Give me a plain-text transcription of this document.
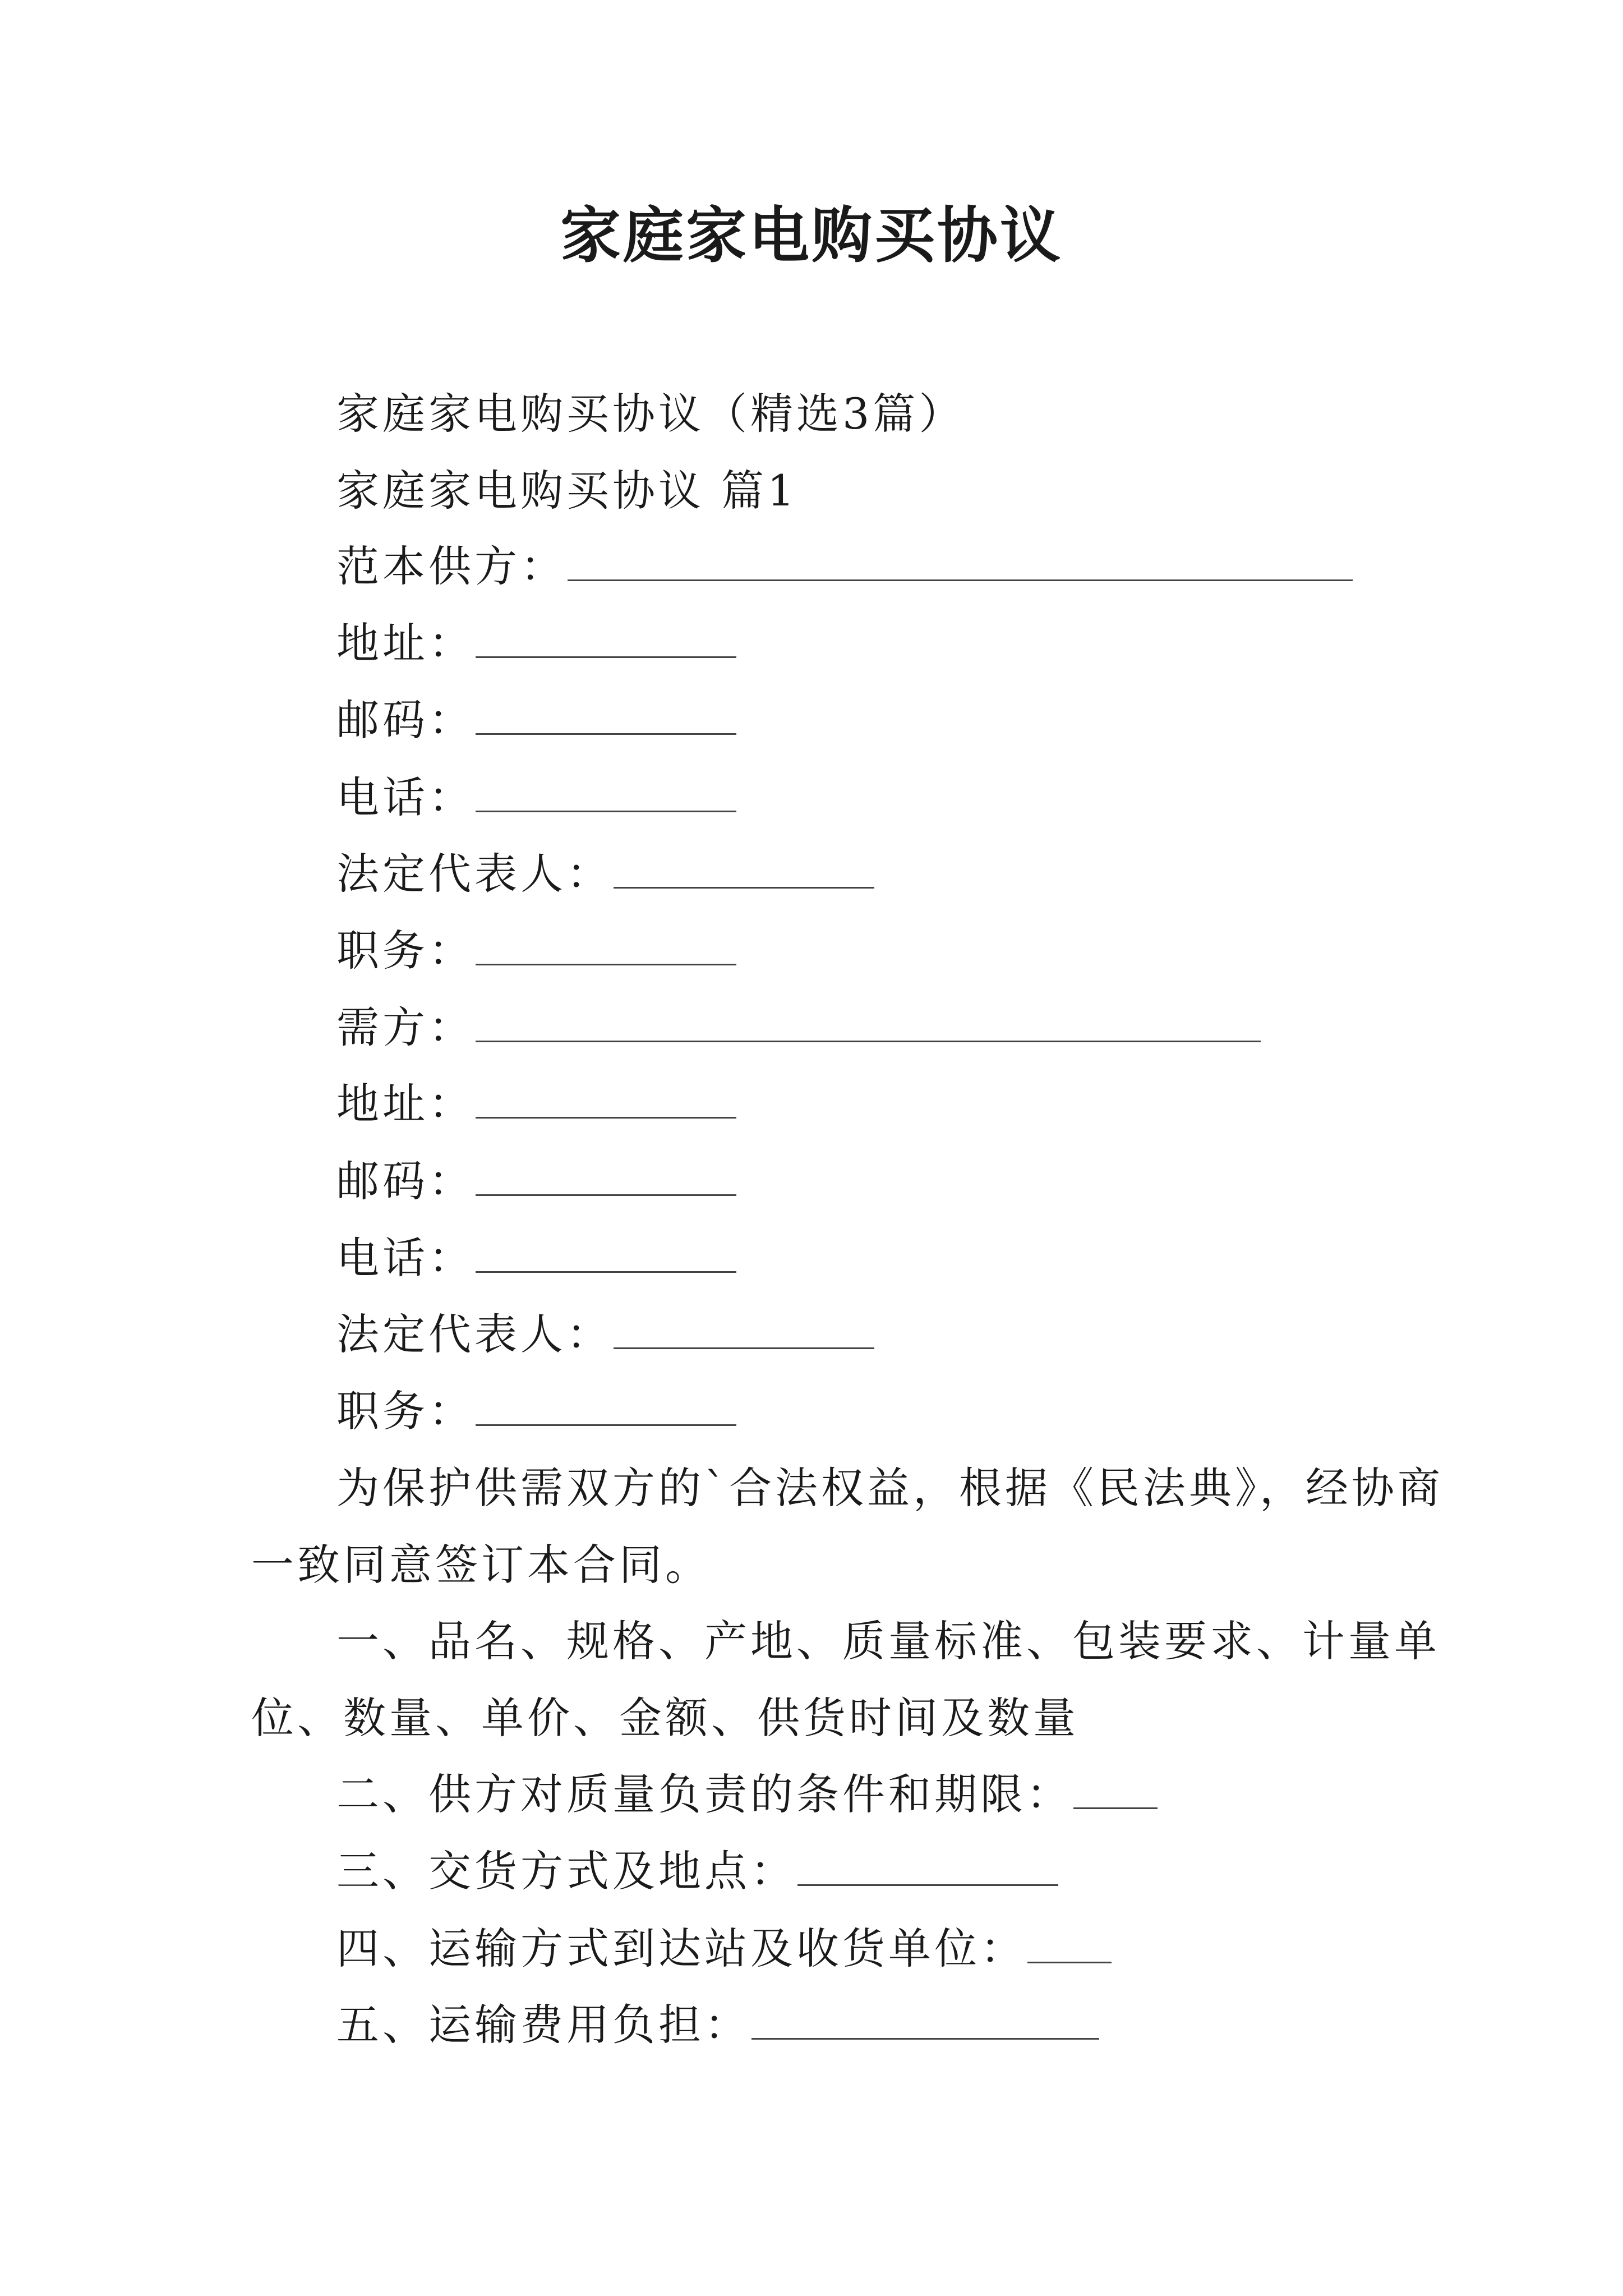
家庭家电购买协议
家庭家电购买协议（精选3篇）
家庭家电购买协议 篇1
范本供方：
地址：
邮码：
电话：
法定代表人：
职务：
需方：
地址：
邮码：
电话：
法定代表人：
职务：
为保护供需双方的`合法权益，根据《民法典》，经协商
一致同意签订本合同。
一、品名、规格、产地、质量标准、包装要求、计量单
位、数量、单价、金额、供货时间及数量
二、供方对质量负责的条件和期限：
三、交货方式及地点：
四、运输方式到达站及收货单位：
五、运输费用负担：
